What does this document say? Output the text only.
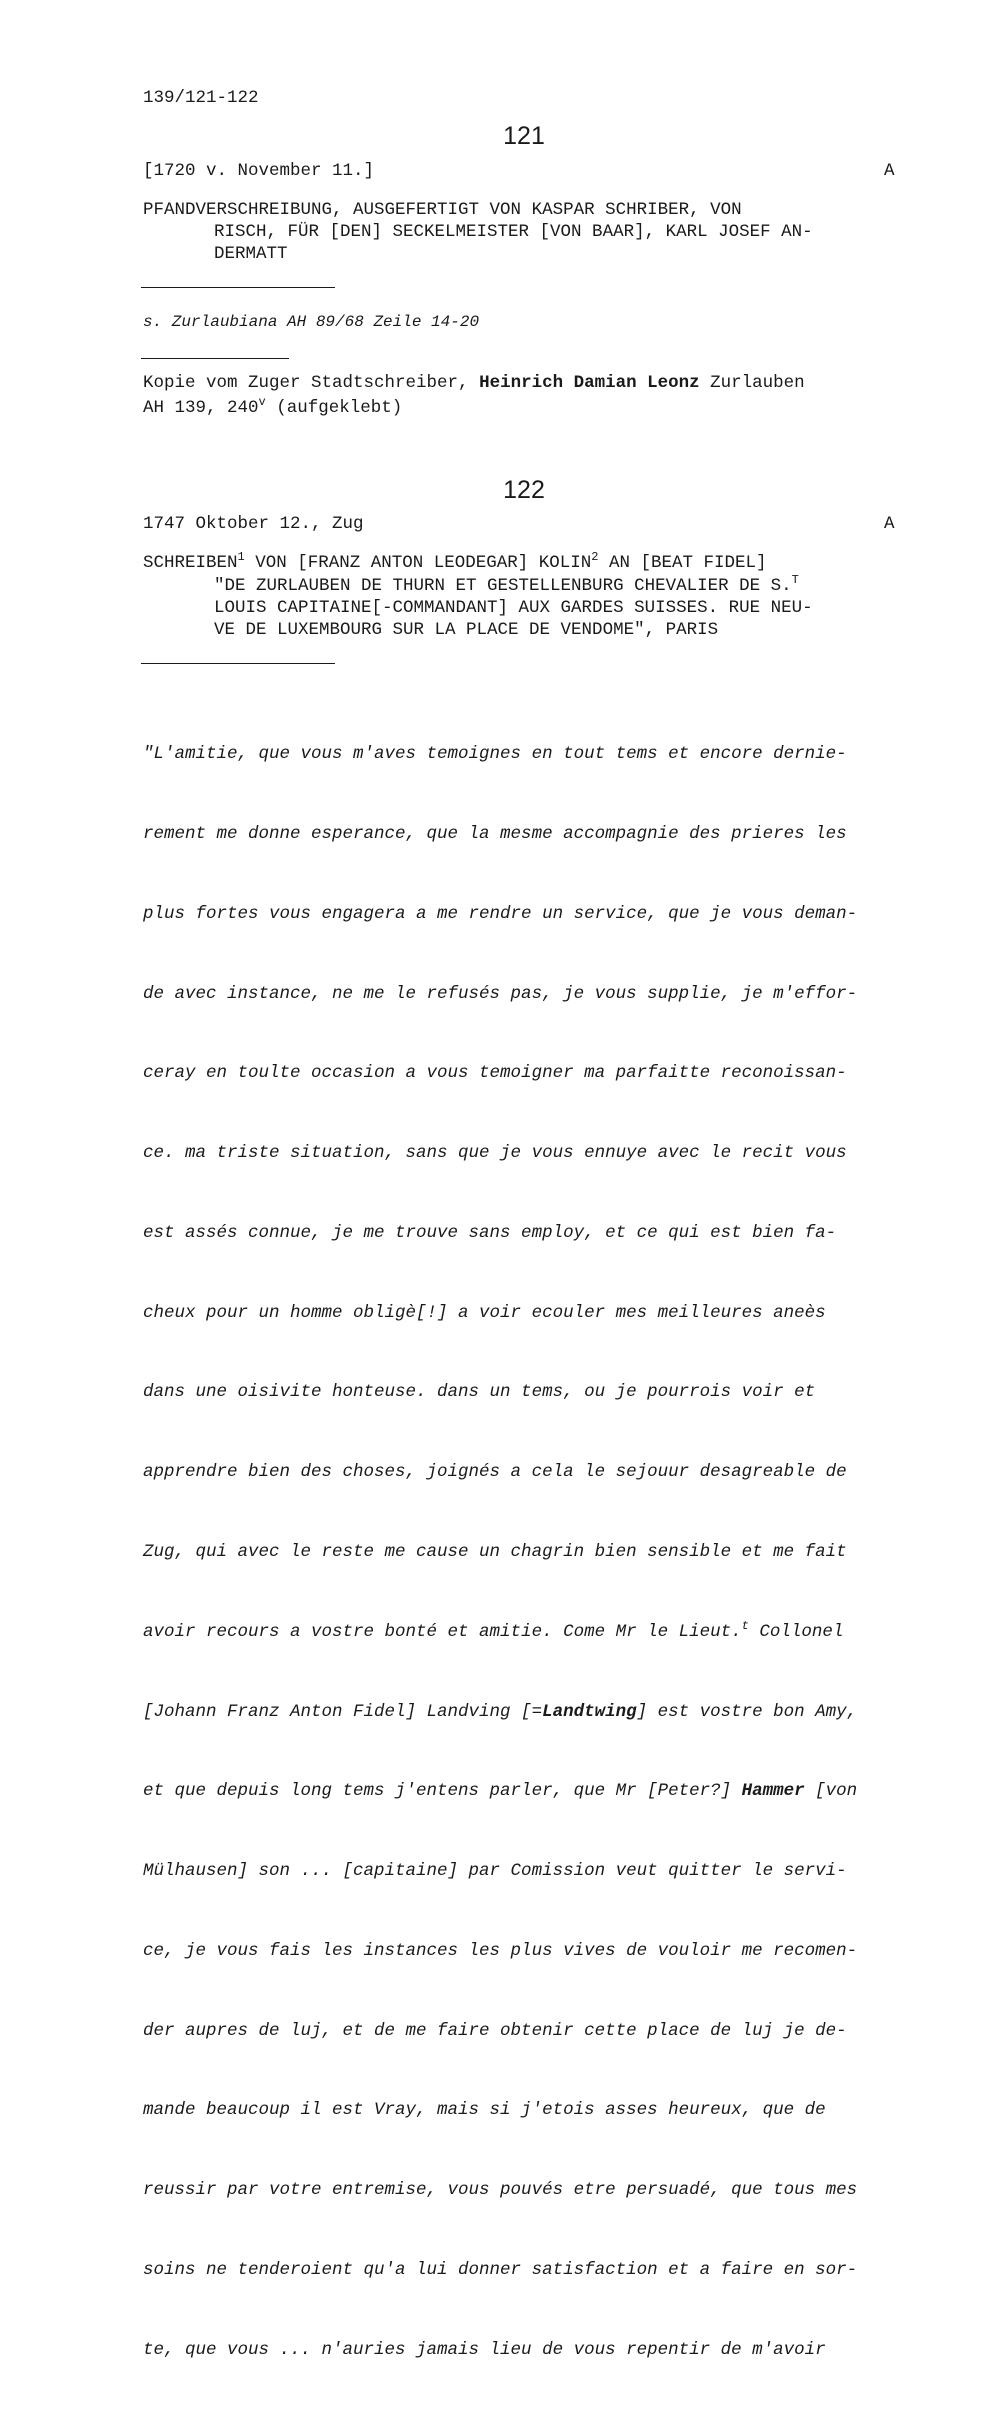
139/121-122
121
[1720 v. November 11.]	A
PFANDVERSCHREIBUNG, AUSGEFERTIGT VON KASPAR SCHRIBER, VON
RISCH, FÜR [DEN] SECKELMEISTER [VON BAAR], KARL JOSEF AN-
DERMATT
s. Zurlaubiana AH 89/68 Zeile 14-20
Kopie vom Zuger Stadtschreiber, Heinrich Damian Leonz Zurlauben
AH 139, 240$^v$ (aufgeklebt)
122
1747 Oktober 12., Zug	A
SCHREIBEN$^1$ VON [FRANZ ANTON LEODEGAR] KOLIN$^2$ AN [BEAT FIDEL]
"DE ZURLAUBEN DE THURN ET GESTELLENBURG CHEVALIER DE S.$^T$
LOUIS CAPITAINE[-COMMANDANT] AUX GARDES SUISSES. RUE NEU-
VE DE LUXEMBOURG SUR LA PLACE DE VENDOME", PARIS

"L'amitie, que vous m'aves temoignes en tout tems et encore dernie-

rement me donne esperance, que la mesme accompagnie des prieres les

plus fortes vous engagera a me rendre un service, que je vous deman-

de avec instance, ne me le refusés pas, je vous supplie, je m'effor-

ceray en toulte occasion a vous temoigner ma parfaitte reconoissan-

ce. ma triste situation, sans que je vous ennuye avec le recit vous

est assés connue, je me trouve sans employ, et ce qui est bien fa-

cheux pour un homme obligè[!] a voir ecouler mes meilleures aneès

dans une oisivite honteuse. dans un tems, ou je pourrois voir et

apprendre bien des choses, joignés a cela le sejouur desagreable de

Zug, qui avec le reste me cause un chagrin bien sensible et me fait

avoir recours a vostre bonté et amitie. Come Mr le Lieut.$^t$ Collonel

[Johann Franz Anton Fidel] Landving [=Landtwing] est vostre bon Amy,

et que depuis long tems j'entens parler, que Mr [Peter?] Hammer [von

Mülhausen] son ... [capitaine] par Comission veut quitter le servi-

ce, je vous fais les instances les plus vives de vouloir me recomen-

der aupres de luj, et de me faire obtenir cette place de luj je de-

mande beaucoup il est Vray, mais si j'etois asses heureux, que de

reussir par votre entremise, vous pouvés etre persuadé, que tous mes

soins ne tenderoient qu'a lui donner satisfaction et a faire en sor-

te, que vous ... n'auries jamais lieu de vous repentir de m'avoir
